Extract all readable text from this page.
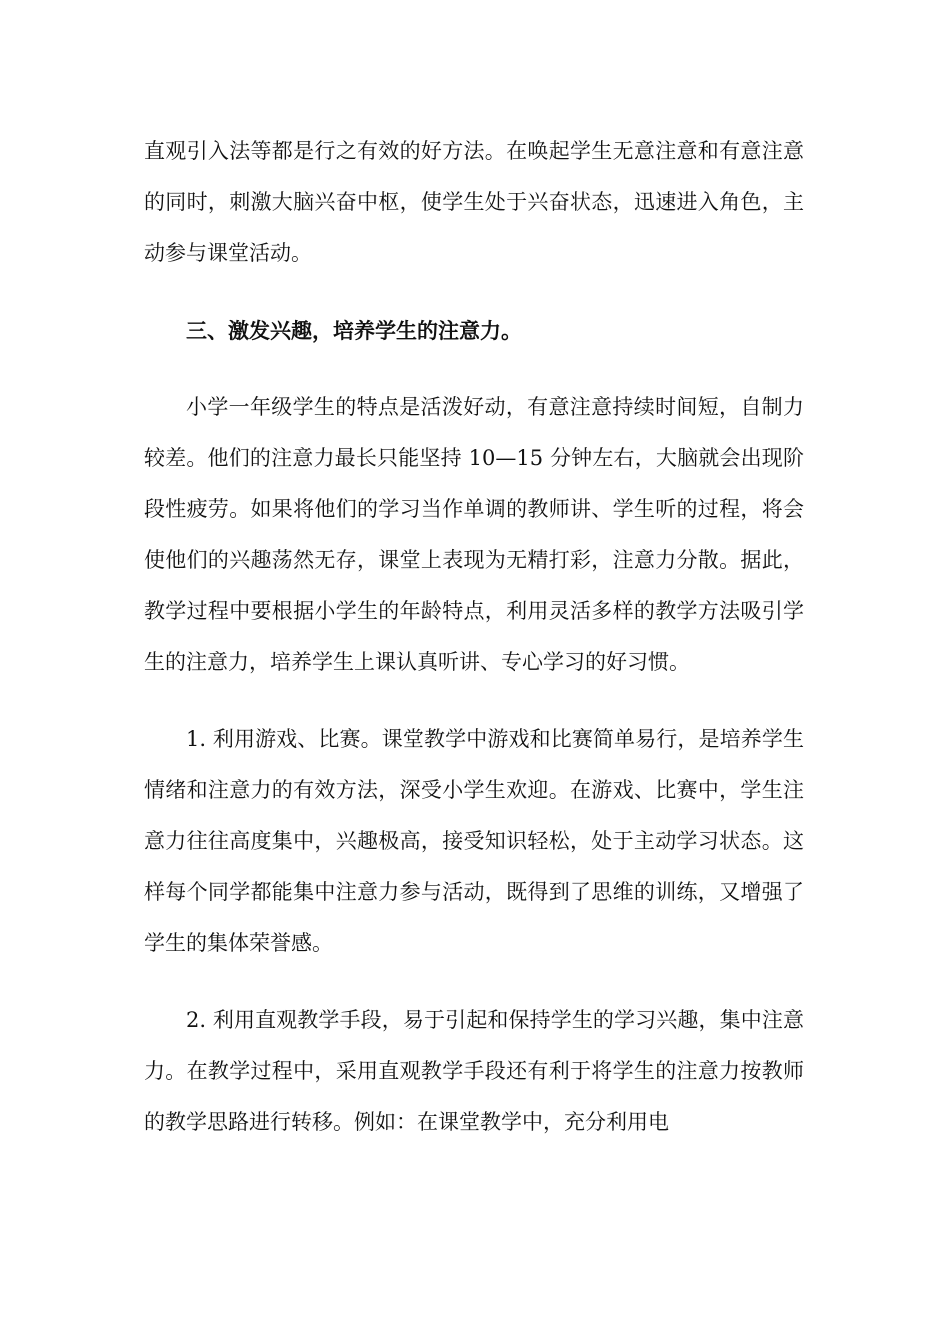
直观引入法等都是行之有效的好方法。在唤起学生无意注意和有意注意的同时，刺激大脑兴奋中枢，使学生处于兴奋状态，迅速进入角色，主动参与课堂活动。

三、激发兴趣，培养学生的注意力。

小学一年级学生的特点是活泼好动，有意注意持续时间短，自制力较差。他们的注意力最长只能坚持 10—15 分钟左右，大脑就会出现阶段性疲劳。如果将他们的学习当作单调的教师讲、学生听的过程，将会使他们的兴趣荡然无存，课堂上表现为无精打彩，注意力分散。据此，教学过程中要根据小学生的年龄特点，利用灵活多样的教学方法吸引学生的注意力，培养学生上课认真听讲、专心学习的好习惯。

1. 利用游戏、比赛。课堂教学中游戏和比赛简单易行，是培养学生情绪和注意力的有效方法，深受小学生欢迎。在游戏、比赛中，学生注意力往往高度集中，兴趣极高，接受知识轻松，处于主动学习状态。这样每个同学都能集中注意力参与活动，既得到了思维的训练，又增强了学生的集体荣誉感。

2. 利用直观教学手段，易于引起和保持学生的学习兴趣，集中注意力。在教学过程中，采用直观教学手段还有利于将学生的注意力按教师的教学思路进行转移。例如：在课堂教学中，充分利用电
